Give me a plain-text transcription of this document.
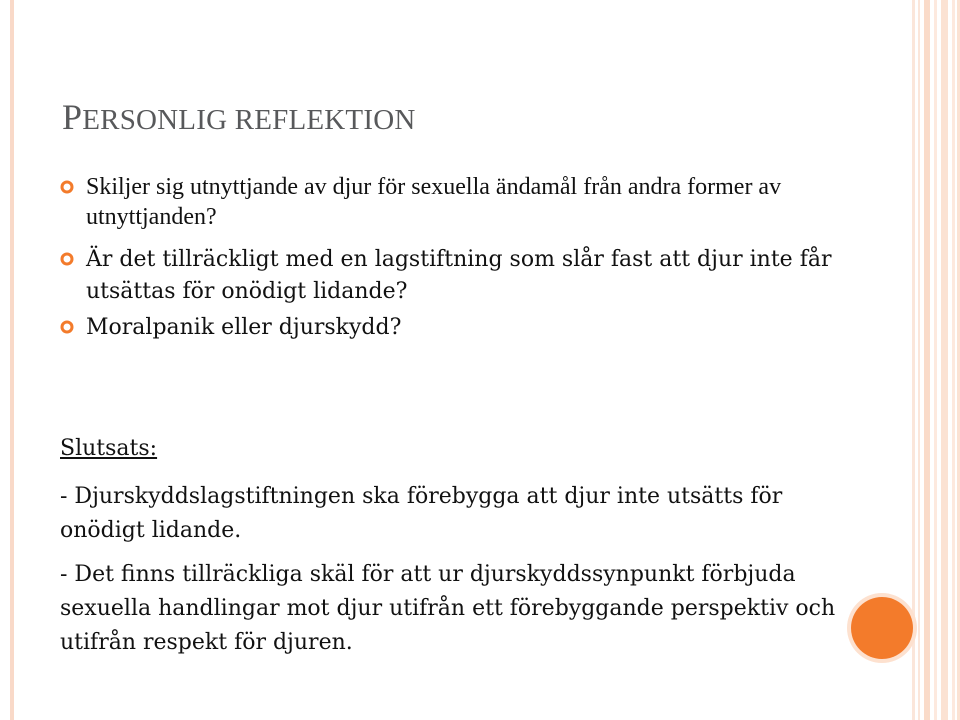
PERSONLIG REFLEKTION
Skiljer sig utnyttjande av djur för sexuella ändamål från andra former av utnyttjanden?
Är det tillräckligt med en lagstiftning som slår fast att djur inte får utsättas för onödigt lidande?
Moralpanik eller djurskydd?
Slutsats:

- Djurskyddslagstiftningen ska förebygga att djur inte utsätts för onödigt lidande.

- Det finns tillräckliga skäl för att ur djurskyddssynpunkt förbjuda sexuella handlingar mot djur utifrån ett förebyggande perspektiv och utifrån respekt för djuren.
